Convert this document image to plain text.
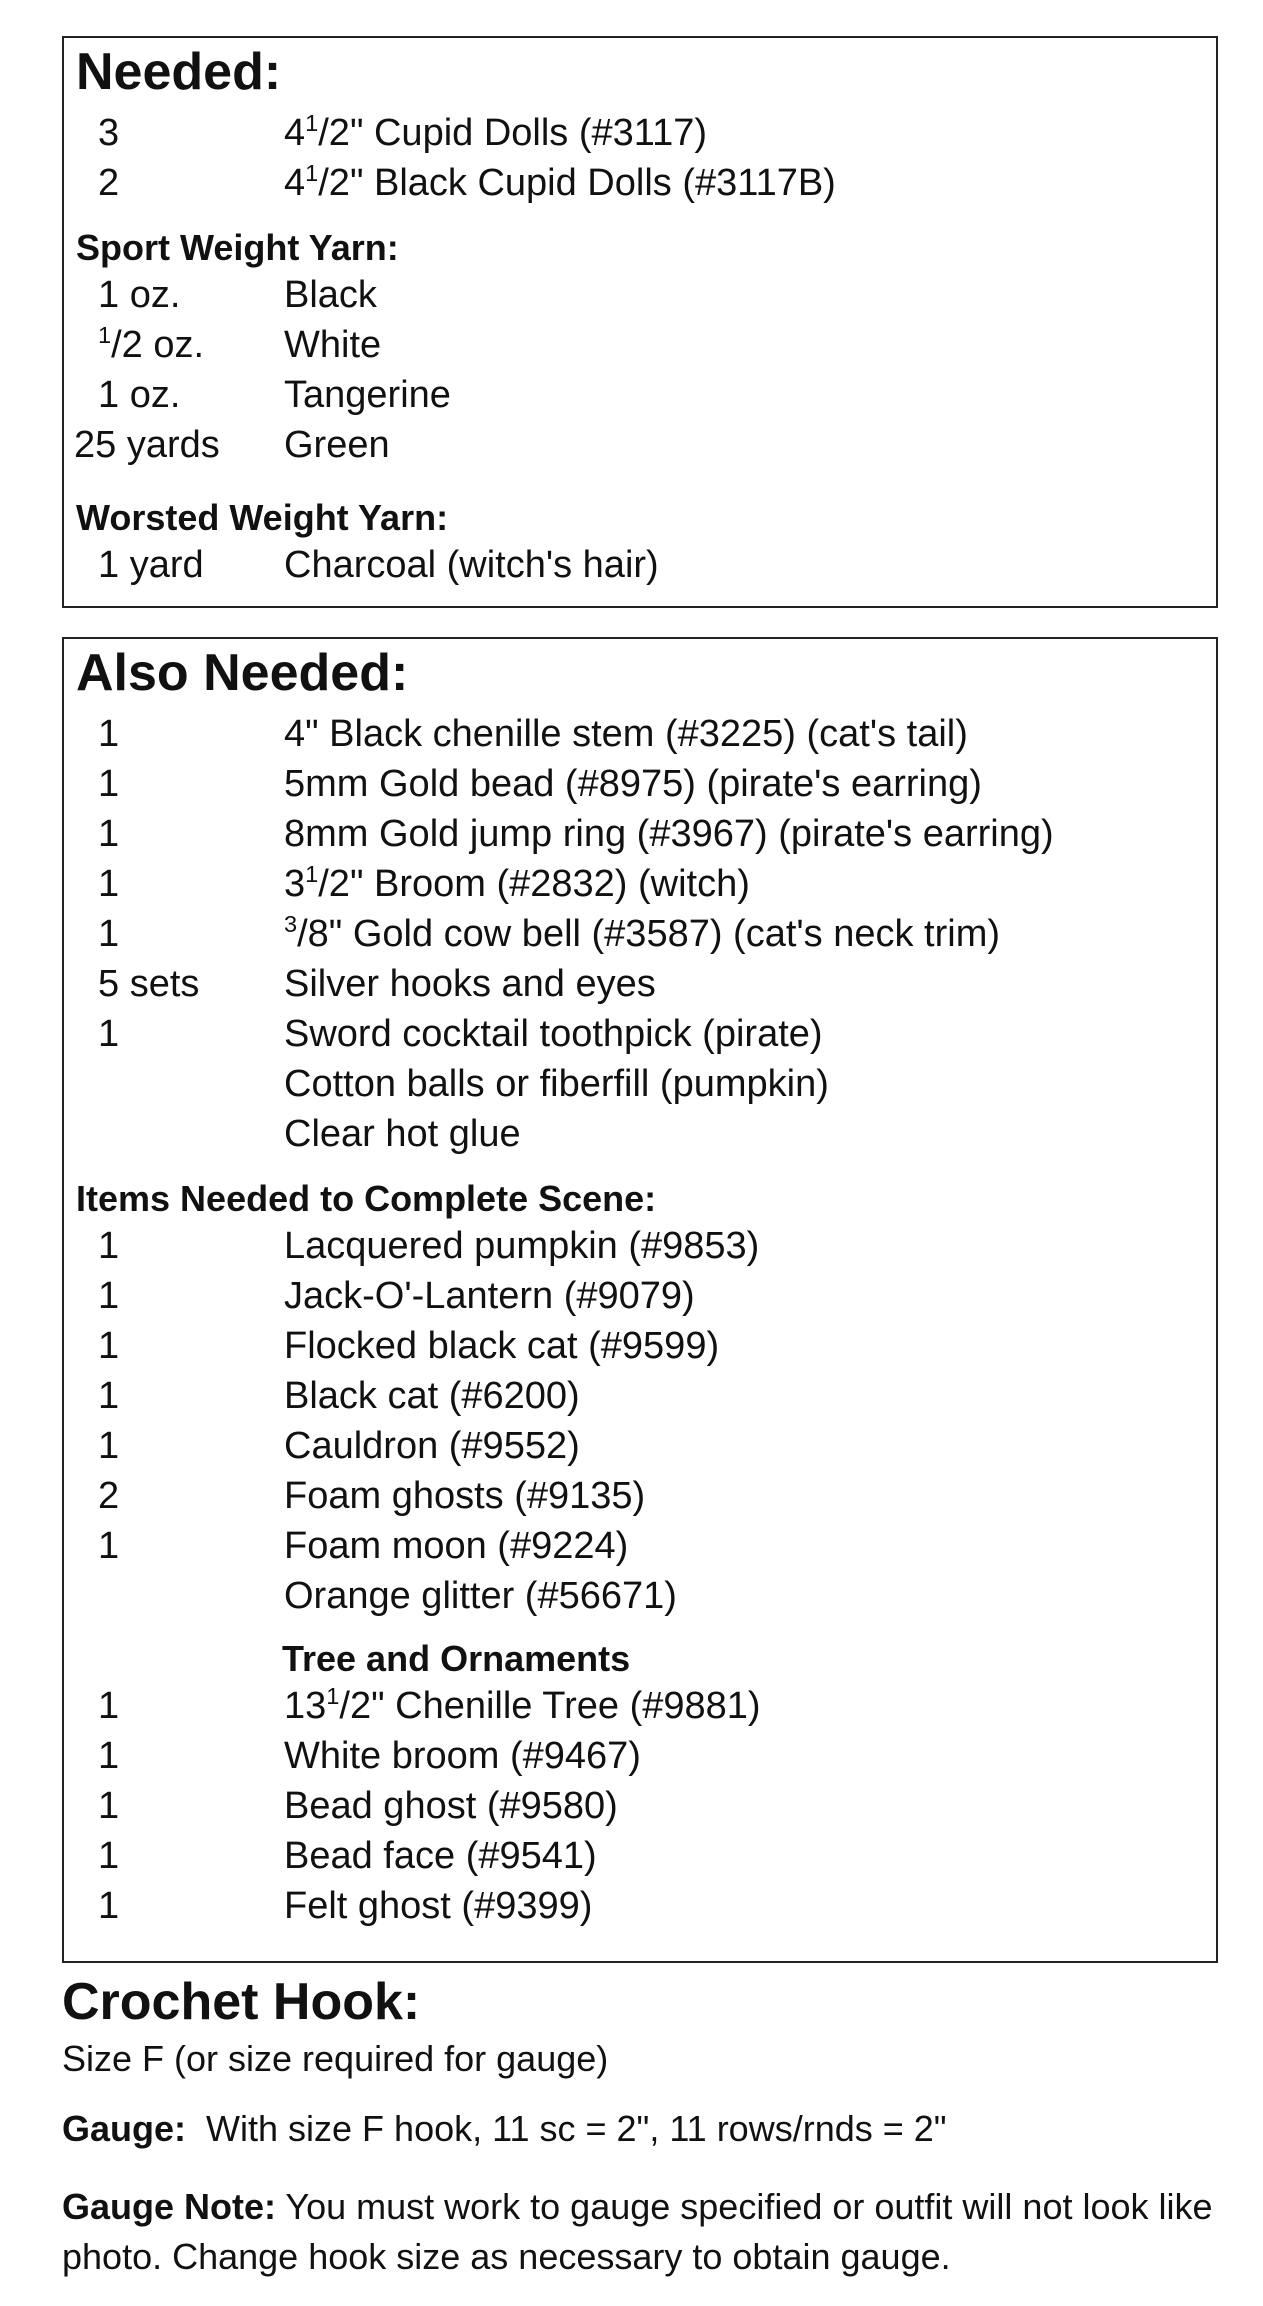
Needed:
3	$4^1/2$" Cupid Dolls (#3117)
2	$4^1/2$" Black Cupid Dolls (#3117B)
Sport Weight Yarn:
1 oz.	Black
$^1$/2 oz. White
1 oz.	Tangerine
25 yards Green
Worsted Weight Yarn:
1 yard Charcoal (witch's hair)
Also Needed:
1	4" Black chenille stem (#3225) (cat's tail)
1	5mm Gold bead (#8975) (pirate's earring)
1	8mm Gold jump ring (#3967) (pirate's earring)
1	$3^1/2$" Broom (#2832) (witch)
1	$^3$/8" Gold cow bell (#3587) (cat's neck trim)
5 sets Silver hooks and eyes
1	Sword cocktail toothpick (pirate)
Cotton balls or fiberfill (pumpkin)
Clear hot glue
Items Needed to Complete Scene:
1	Lacquered pumpkin (#9853)
1	Jack-O'-Lantern (#9079)
1	Flocked black cat (#9599)
1	Black cat (#6200)
1	Cauldron (#9552)
2	Foam ghosts (#9135)
1	Foam moon (#9224)
Orange glitter (#56671)
Tree and Ornaments
1	$13^1/2$" Chenille Tree (#9881)
1	White broom (#9467)
1	Bead ghost (#9580)
1	Bead face (#9541)
1	Felt ghost (#9399)
Crochet Hook:
Size F (or size required for gauge)
Gauge: With size F hook, 11 sc = 2", 11 rows/rnds = 2"
Gauge Note: You must work to gauge specified or outfit will not look like photo. Change hook size as necessary to obtain gauge.
